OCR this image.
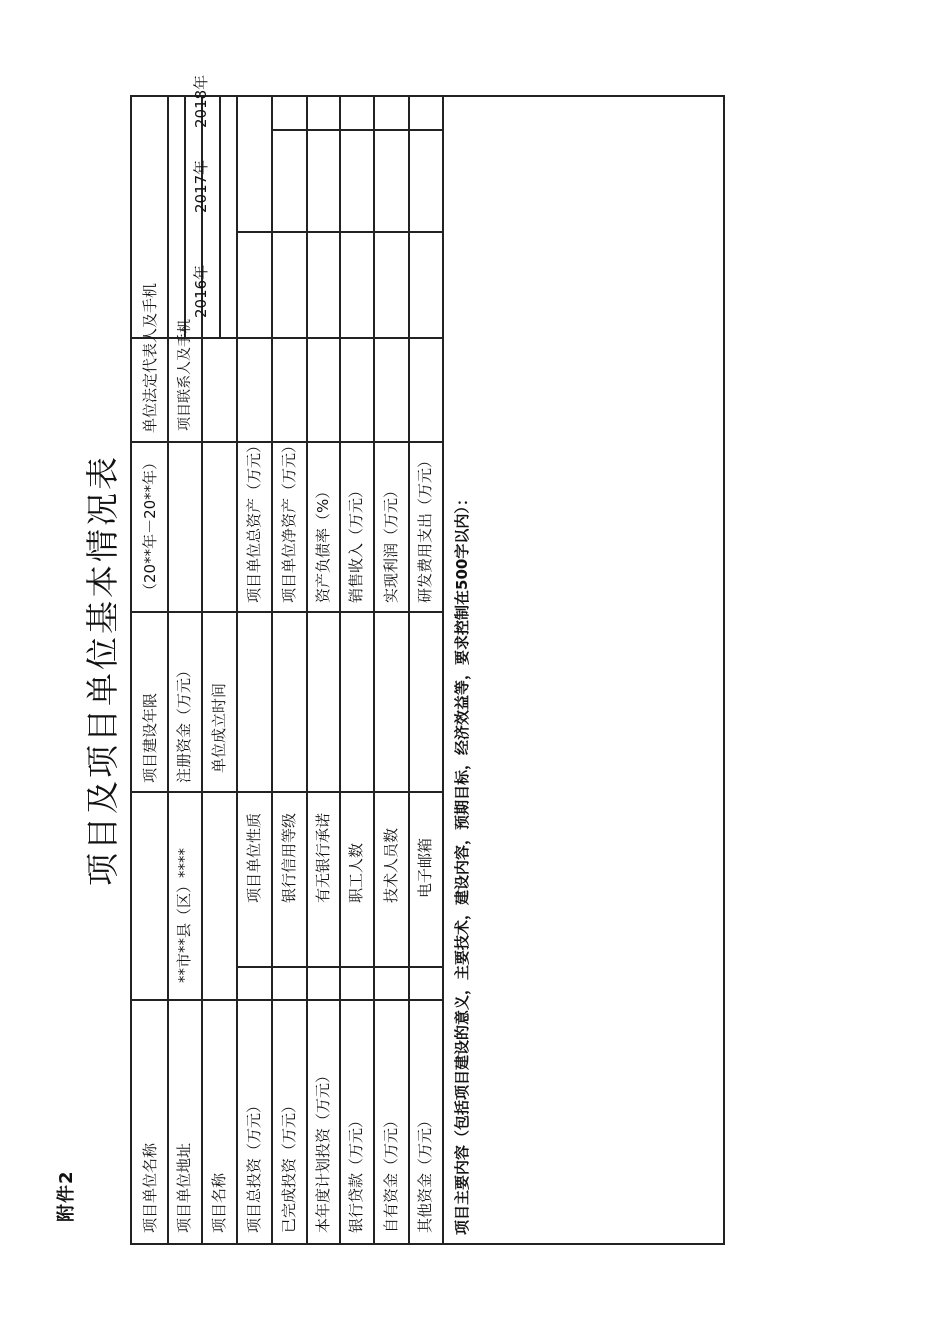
附件2
项目及项目单位基本情况表
项目单位名称
项目建设年限
（20**年－20**年）
单位法定代表人及手机
项目单位地址
**市**县（区）****
注册资金（万元）
项目联系人及手机
项目名称
单位成立时间
2016年
2017年
2018年
项目总投资（万元）
项目单位性质
项目单位总资产（万元）
已完成投资（万元）
银行信用等级
项目单位净资产（万元）
本年度计划投资（万元）
有无银行承诺
资产负债率（%）
银行贷款（万元）
职工人数
销售收入（万元）
自有资金（万元）
技术人员数
实现利润（万元）
其他资金（万元）
电子邮箱
研发费用支出（万元） 项目主要内容（包括项目建设的意义，主要技术，建设内容，预期目标，经济效益等，要求控制在500字以内）：
